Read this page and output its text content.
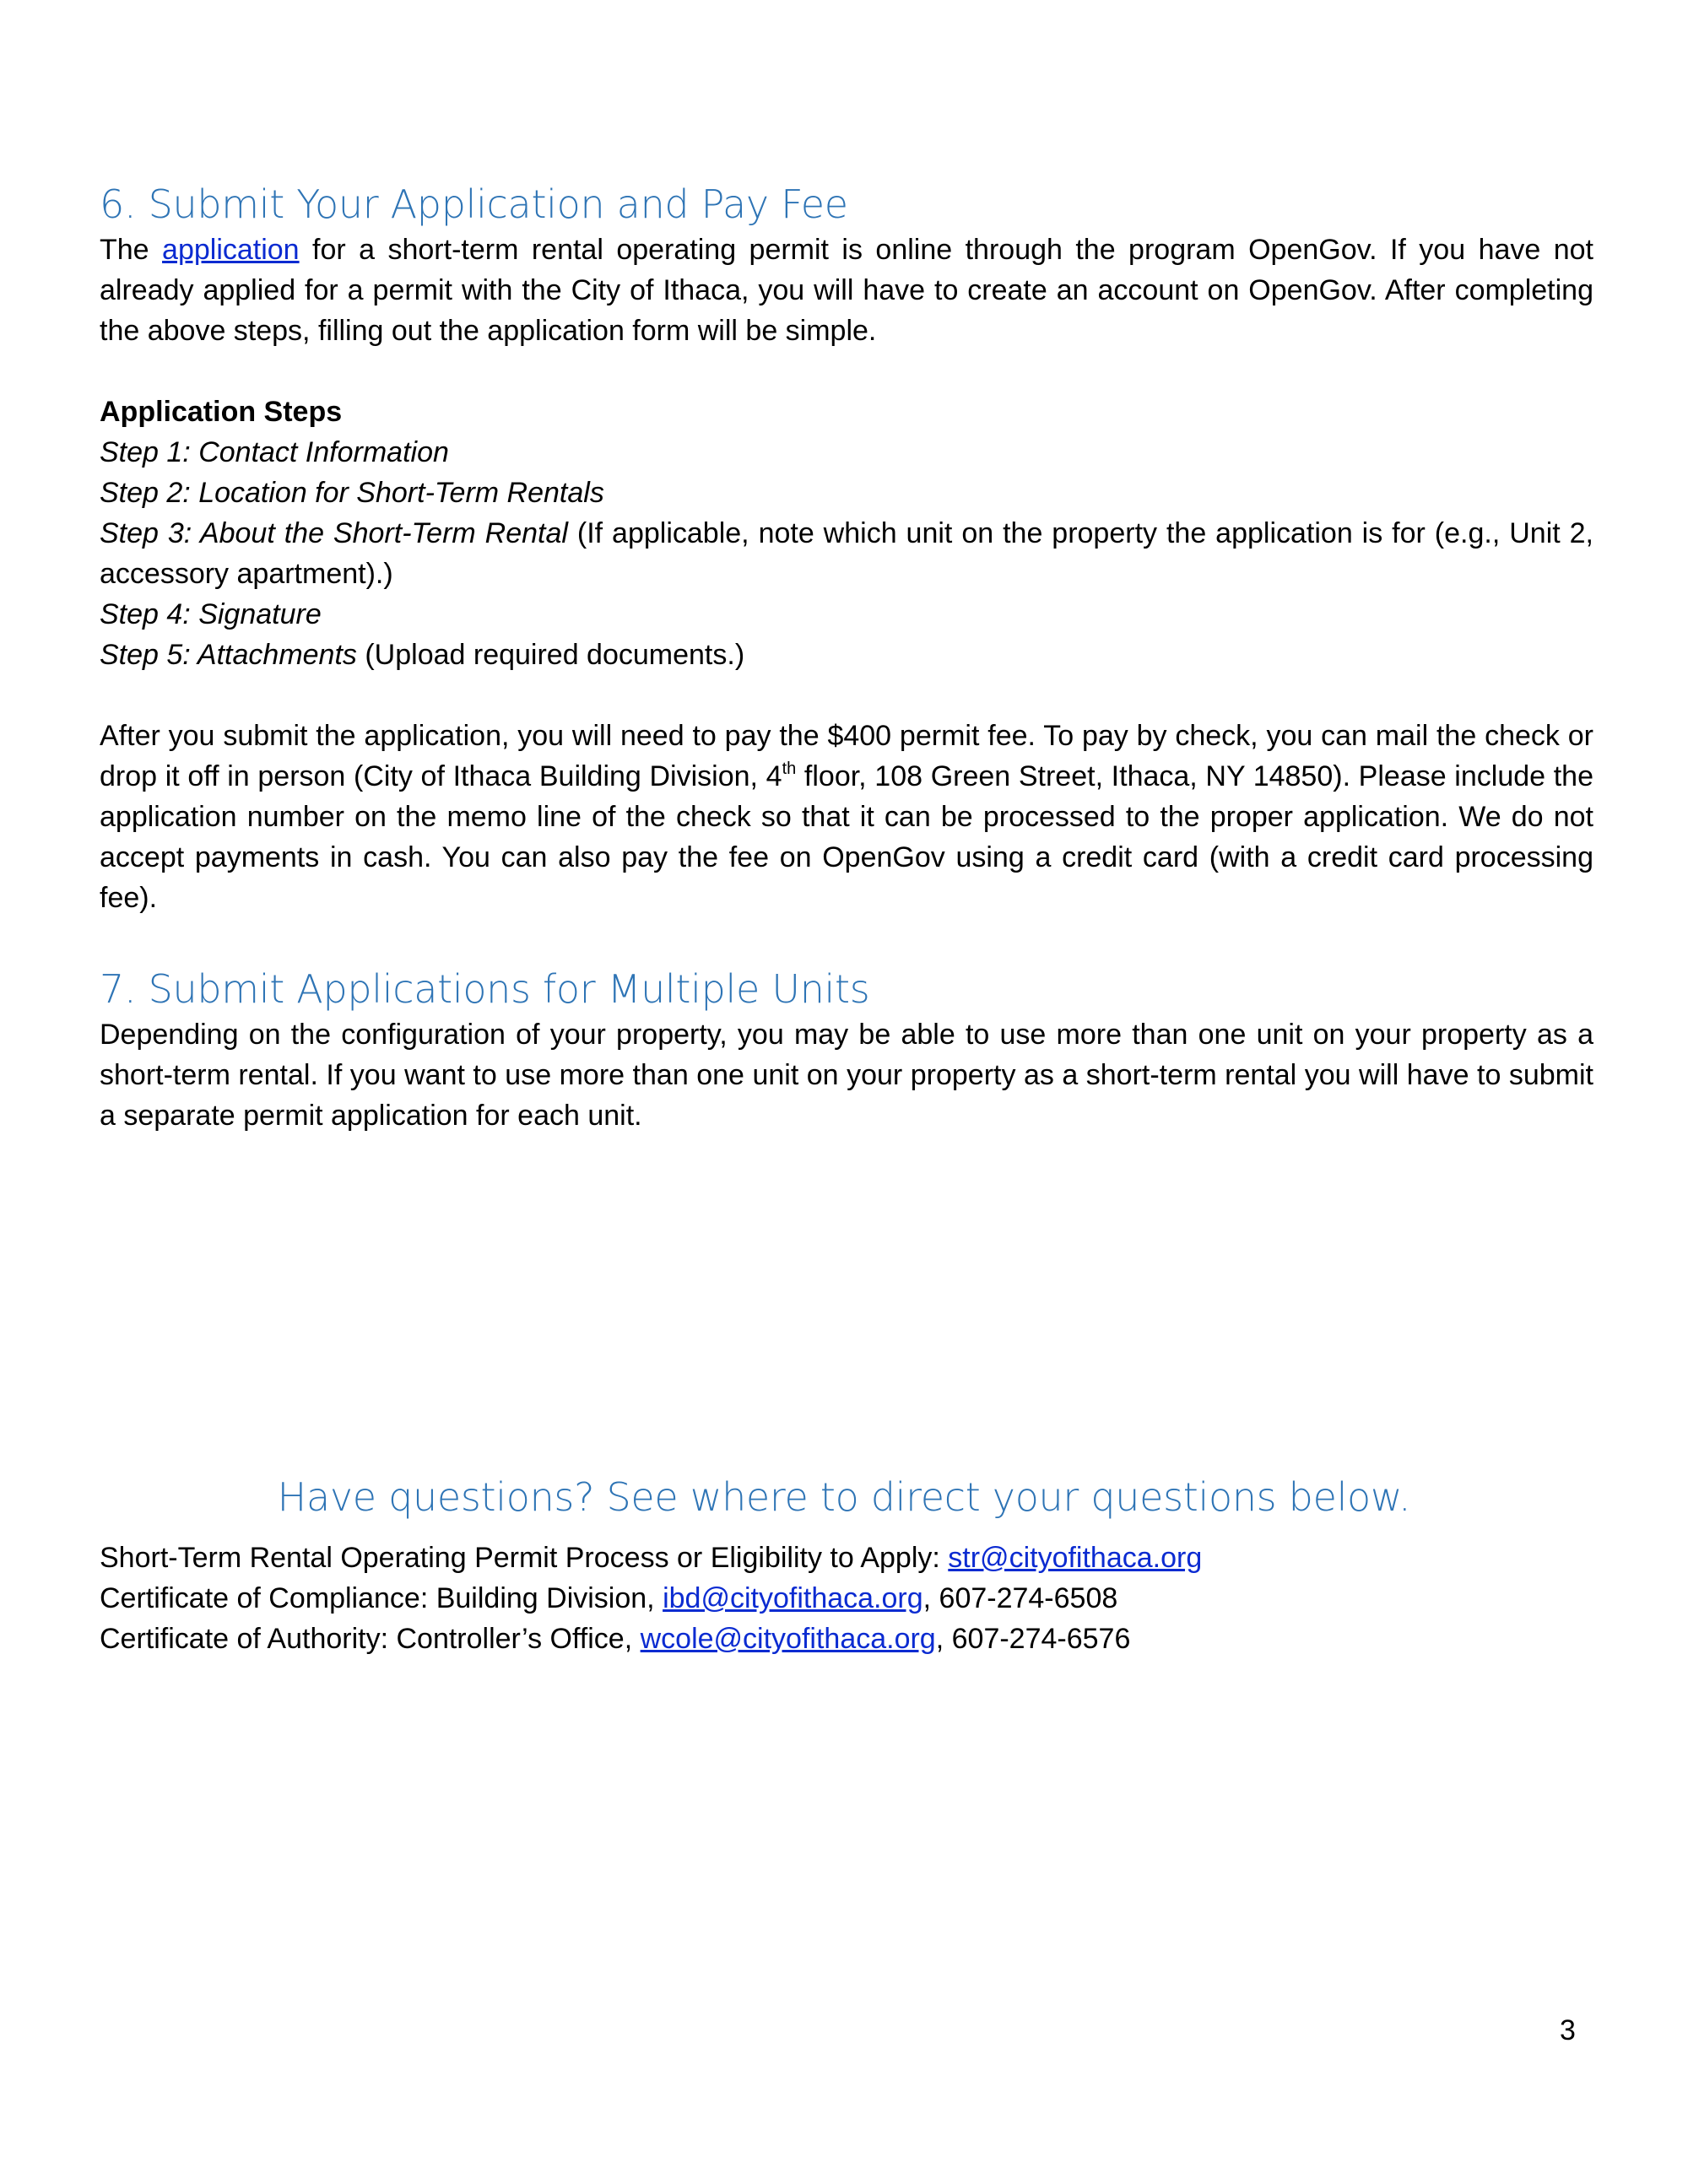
6. Submit Your Application and Pay Fee

The application for a short-term rental operating permit is online through the program OpenGov. If you have not already applied for a permit with the City of Ithaca, you will have to create an account on OpenGov. After completing the above steps, filling out the application form will be simple.

Application Steps

Step 1: Contact Information

Step 2: Location for Short-Term Rentals

Step 3: About the Short-Term Rental (If applicable, note which unit on the property the application is for (e.g., Unit 2, accessory apartment).)

Step 4: Signature

Step 5: Attachments (Upload required documents.)

After you submit the application, you will need to pay the $400 permit fee. To pay by check, you can mail the check or drop it off in person (City of Ithaca Building Division, 4th floor, 108 Green Street, Ithaca, NY 14850). Please include the application number on the memo line of the check so that it can be processed to the proper application. We do not accept payments in cash. You can also pay the fee on OpenGov using a credit card (with a credit card processing fee).

7. Submit Applications for Multiple Units

Depending on the configuration of your property, you may be able to use more than one unit on your property as a short-term rental. If you want to use more than one unit on your property as a short-term rental you will have to submit a separate permit application for each unit.

Have questions? See where to direct your questions below.
Short-Term Rental Operating Permit Process or Eligibility to Apply: str@cityofithaca.org
Certificate of Compliance: Building Division, ibd@cityofithaca.org, 607-274-6508
Certificate of Authority: Controller’s Office, wcole@cityofithaca.org, 607-274-6576
3
